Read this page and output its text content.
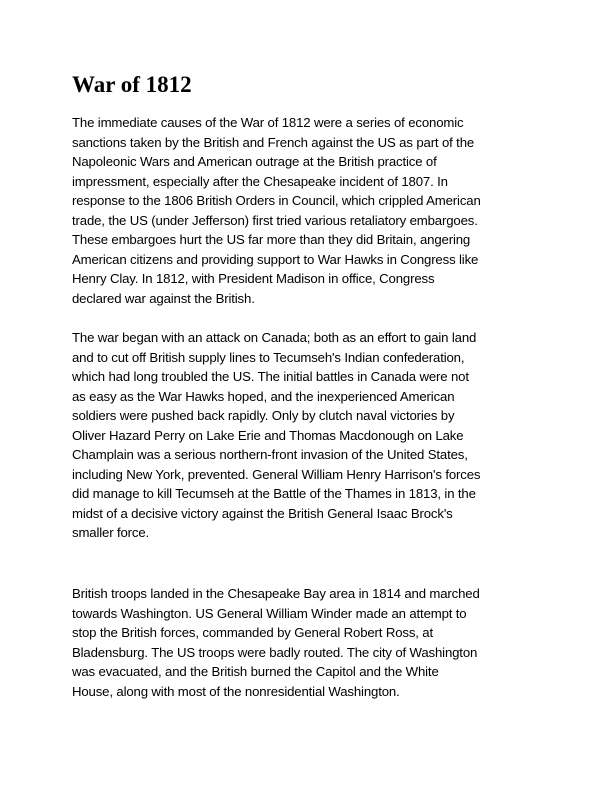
War of 1812
The immediate causes of the War of 1812 were a series of economic
sanctions taken by the British and French against the US as part of the
Napoleonic Wars and American outrage at the British practice of
impressment, especially after the Chesapeake incident of 1807. In
response to the 1806 British Orders in Council, which crippled American
trade, the US (under Jefferson) first tried various retaliatory embargoes.
These embargoes hurt the US far more than they did Britain, angering
American citizens and providing support to War Hawks in Congress like
Henry Clay. In 1812, with President Madison in office, Congress
declared war against the British.
The war began with an attack on Canada; both as an effort to gain land
and to cut off British supply lines to Tecumseh's Indian confederation,
which had long troubled the US. The initial battles in Canada were not
as easy as the War Hawks hoped, and the inexperienced American
soldiers were pushed back rapidly. Only by clutch naval victories by
Oliver Hazard Perry on Lake Erie and Thomas Macdonough on Lake
Champlain was a serious northern-front invasion of the United States,
including New York, prevented. General William Henry Harrison's forces
did manage to kill Tecumseh at the Battle of the Thames in 1813, in the
midst of a decisive victory against the British General Isaac Brock's
smaller force.
British troops landed in the Chesapeake Bay area in 1814 and marched
towards Washington. US General William Winder made an attempt to
stop the British forces, commanded by General Robert Ross, at
Bladensburg. The US troops were badly routed. The city of Washington
was evacuated, and the British burned the Capitol and the White
House, along with most of the nonresidential Washington.
